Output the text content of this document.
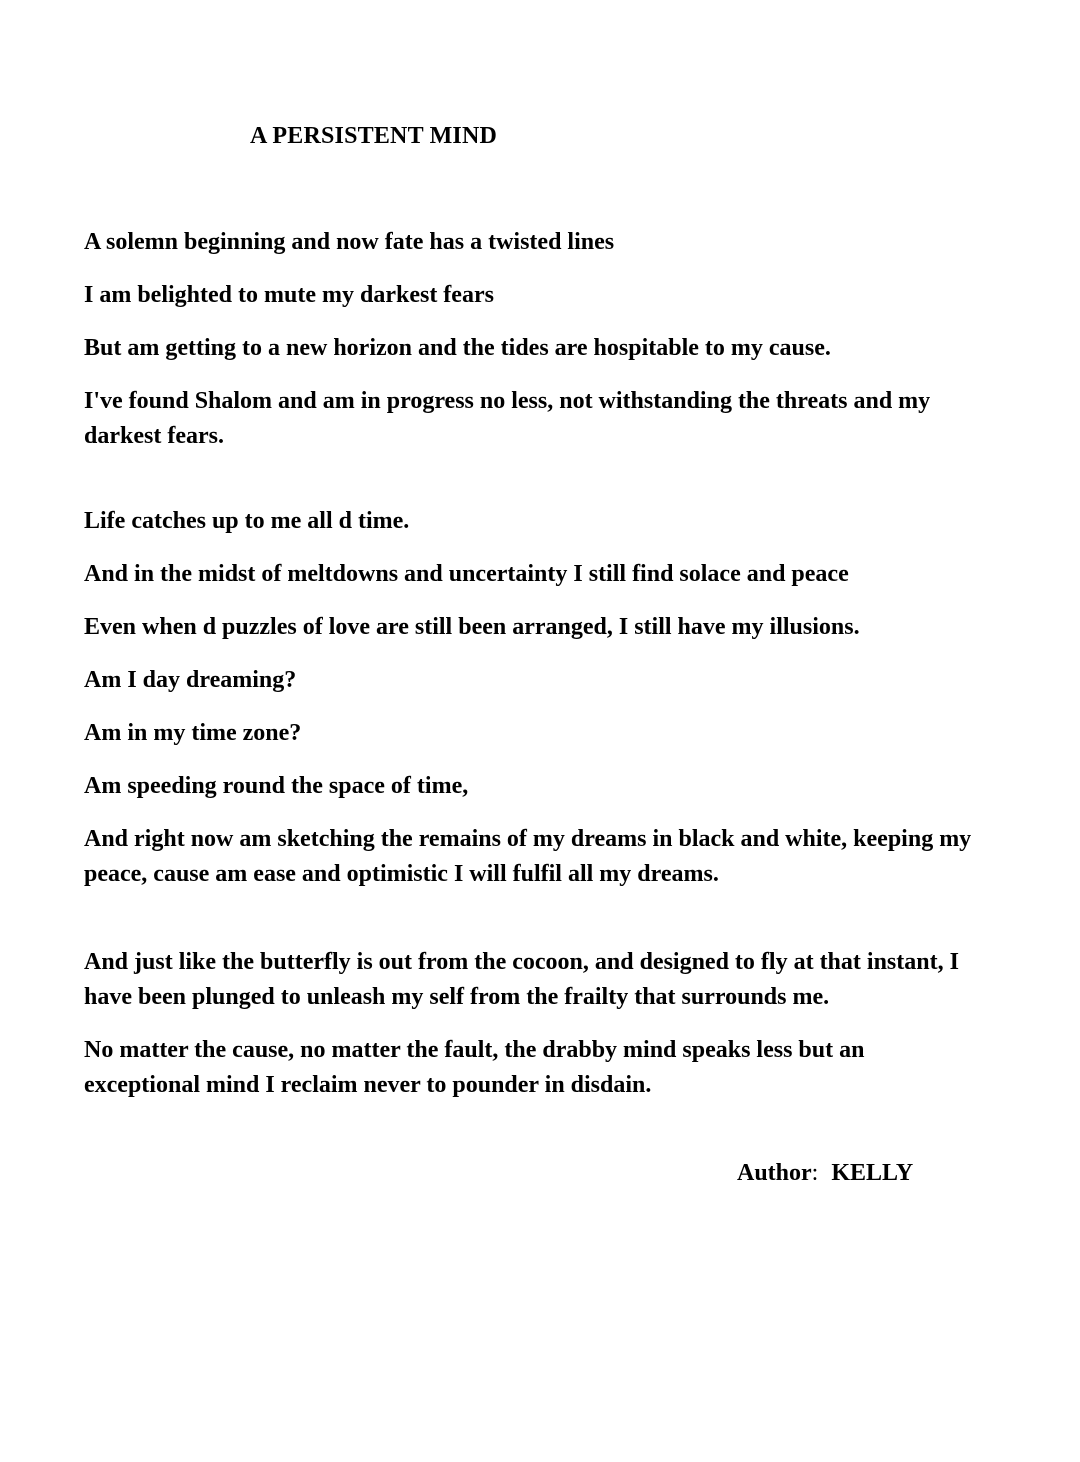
A PERSISTENT MIND

A solemn beginning and now fate has a twisted lines

I am belighted to mute my darkest fears

But am getting to a new horizon and the tides are hospitable to my cause.

I've found Shalom and am in progress no less, not withstanding the threats and my darkest fears.

Life catches up to me all d time.

And in the midst of meltdowns and uncertainty I still find solace and peace

Even when d puzzles of love are still been arranged, I still have my illusions.

Am I day dreaming?

Am in my time zone?

Am speeding round the space of time,

And right now am sketching the remains of my dreams in black and white, keeping my peace, cause am ease and optimistic I will fulfil all my dreams.

And just like the butterfly is out from the cocoon, and designed to fly at that instant, I have been plunged to unleash my self from the frailty that surrounds me.

No matter the cause, no matter the fault, the drabby mind speaks less but an exceptional mind I reclaim never to pounder in disdain.

Author: KELLY
